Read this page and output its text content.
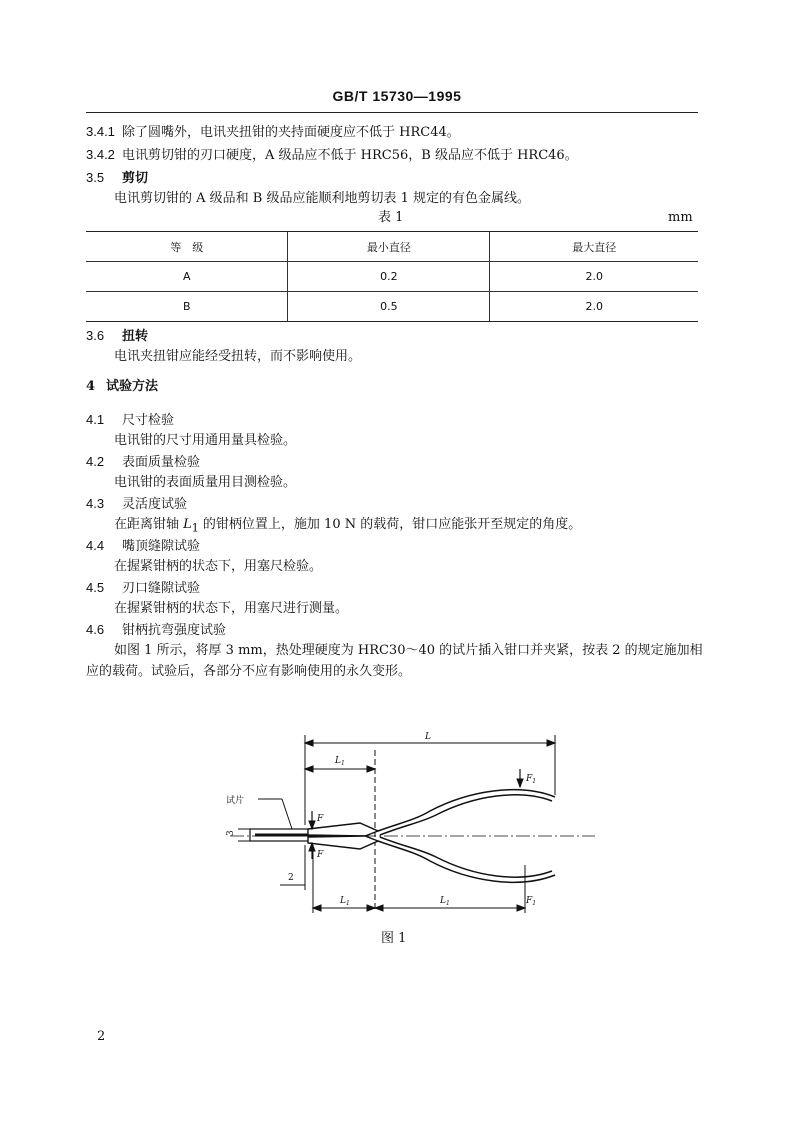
GB/T 15730—1995
3.4.1 除了圆嘴外，电讯夹扭钳的夹持面硬度应不低于 HRC44。
3.4.2 电讯剪切钳的刃口硬度，A 级品应不低于 HRC56，B 级品应不低于 HRC46。
3.5 剪切
电讯剪切钳的 A 级品和 B 级品应能顺利地剪切表 1 规定的有色金属线。
表 1	mm
等　级	最小直径	最大直径
A	0.2	2.0
B	0.5	2.0
3.6 扭转
电讯夹扭钳应能经受扭转，而不影响使用。
4 试验方法
4.1 尺寸检验
电讯钳的尺寸用通用量具检验。
4.2 表面质量检验
电讯钳的表面质量用目测检验。
4.3 灵活度试验
在距离钳轴 $L_1$ 的钳柄位置上，施加 10 N 的载荷，钳口应能张开至规定的角度。
4.4 嘴顶缝隙试验
在握紧钳柄的状态下，用塞尺检验。
4.5 刃口缝隙试验
在握紧钳柄的状态下，用塞尺进行测量。
4.6 钳柄抗弯强度试验
如图 1 所示，将厚 3 mm，热处理硬度为 HRC30～40 的试片插入钳口并夹紧，按表 2 的规定施加相
应的载荷。试验后，各部分不应有影响使用的永久变形。
L
$L_1$
试片
F
F
$F_1$
$L_1$	$L_1$	$F_1$
3
2
图 1
2
